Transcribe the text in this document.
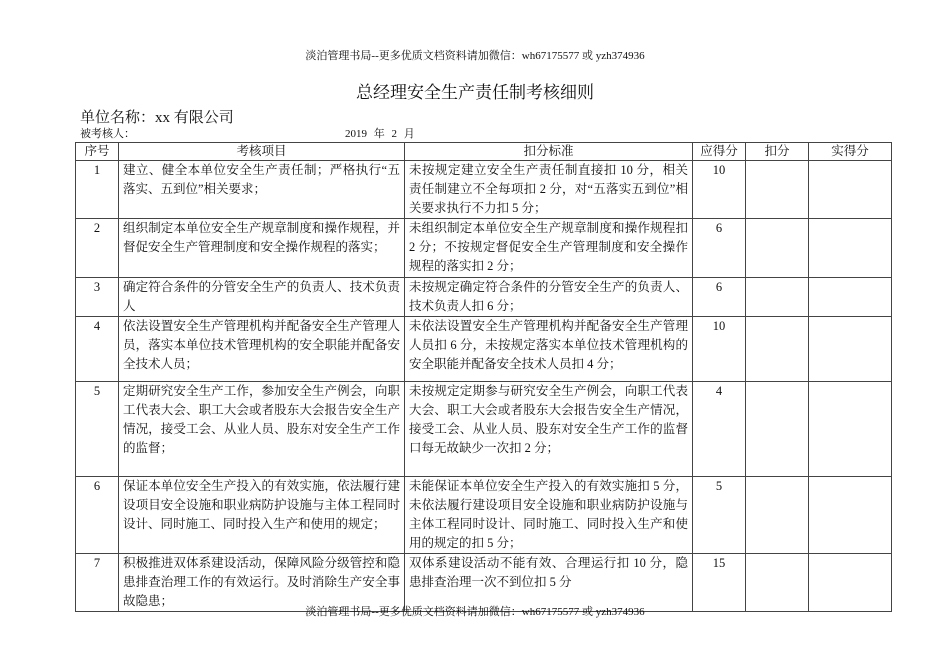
淡泊管理书局--更多优质文档资料请加微信：wh67175577 或 yzh374936
总经理安全生产责任制考核细则
单位名称：xx 有限公司
被考核人：	2019 年 2 月
序号	考核项目	扣分标准	应得分	扣分	实得分
1	建立、健全本单位安全生产责任制；严格执行“五落实、五到位”相关要求；	未按规定建立安全生产责任制直接扣 10 分，相关责任制建立不全每项扣 2 分，对“五落实五到位”相关要求执行不力扣 5 分；	10		
2	组织制定本单位安全生产规章制度和操作规程，并督促安全生产管理制度和安全操作规程的落实；	未组织制定本单位安全生产规章制度和操作规程扣 2 分；不按规定督促安全生产管理制度和安全操作规程的落实扣 2 分；	6		
3	确定符合条件的分管安全生产的负责人、技术负责人	未按规定确定符合条件的分管安全生产的负责人、技术负责人扣 6 分；	6		
4	依法设置安全生产管理机构并配备安全生产管理人员，落实本单位技术管理机构的安全职能并配备安全技术人员；	未依法设置安全生产管理机构并配备安全生产管理人员扣 6 分，未按规定落实本单位技术管理机构的安全职能并配备安全技术人员扣 4 分；	10		
5	定期研究安全生产工作，参加安全生产例会，向职工代表大会、职工大会或者股东大会报告安全生产情况，接受工会、从业人员、股东对安全生产工作的监督；	未按规定定期参与研究安全生产例会，向职工代表大会、职工大会或者股东大会报告安全生产情况，接受工会、从业人员、股东对安全生产工作的监督口每无故缺少一次扣 2 分；	4		
6	保证本单位安全生产投入的有效实施，依法履行建设项目安全设施和职业病防护设施与主体工程同时设计、同时施工、同时投入生产和使用的规定；	未能保证本单位安全生产投入的有效实施扣 5 分，未依法履行建设项目安全设施和职业病防护设施与主体工程同时设计、同时施工、同时投入生产和使用的规定的扣 5 分；	5		
7	积极推进双体系建设活动，保障风险分级管控和隐患排查治理工作的有效运行。及时消除生产安全事故隐患；	双体系建设活动不能有效、合理运行扣 10 分，隐患排查治理一次不到位扣 5 分	15		
淡泊管理书局--更多优质文档资料请加微信：wh67175577 或 yzh374936
